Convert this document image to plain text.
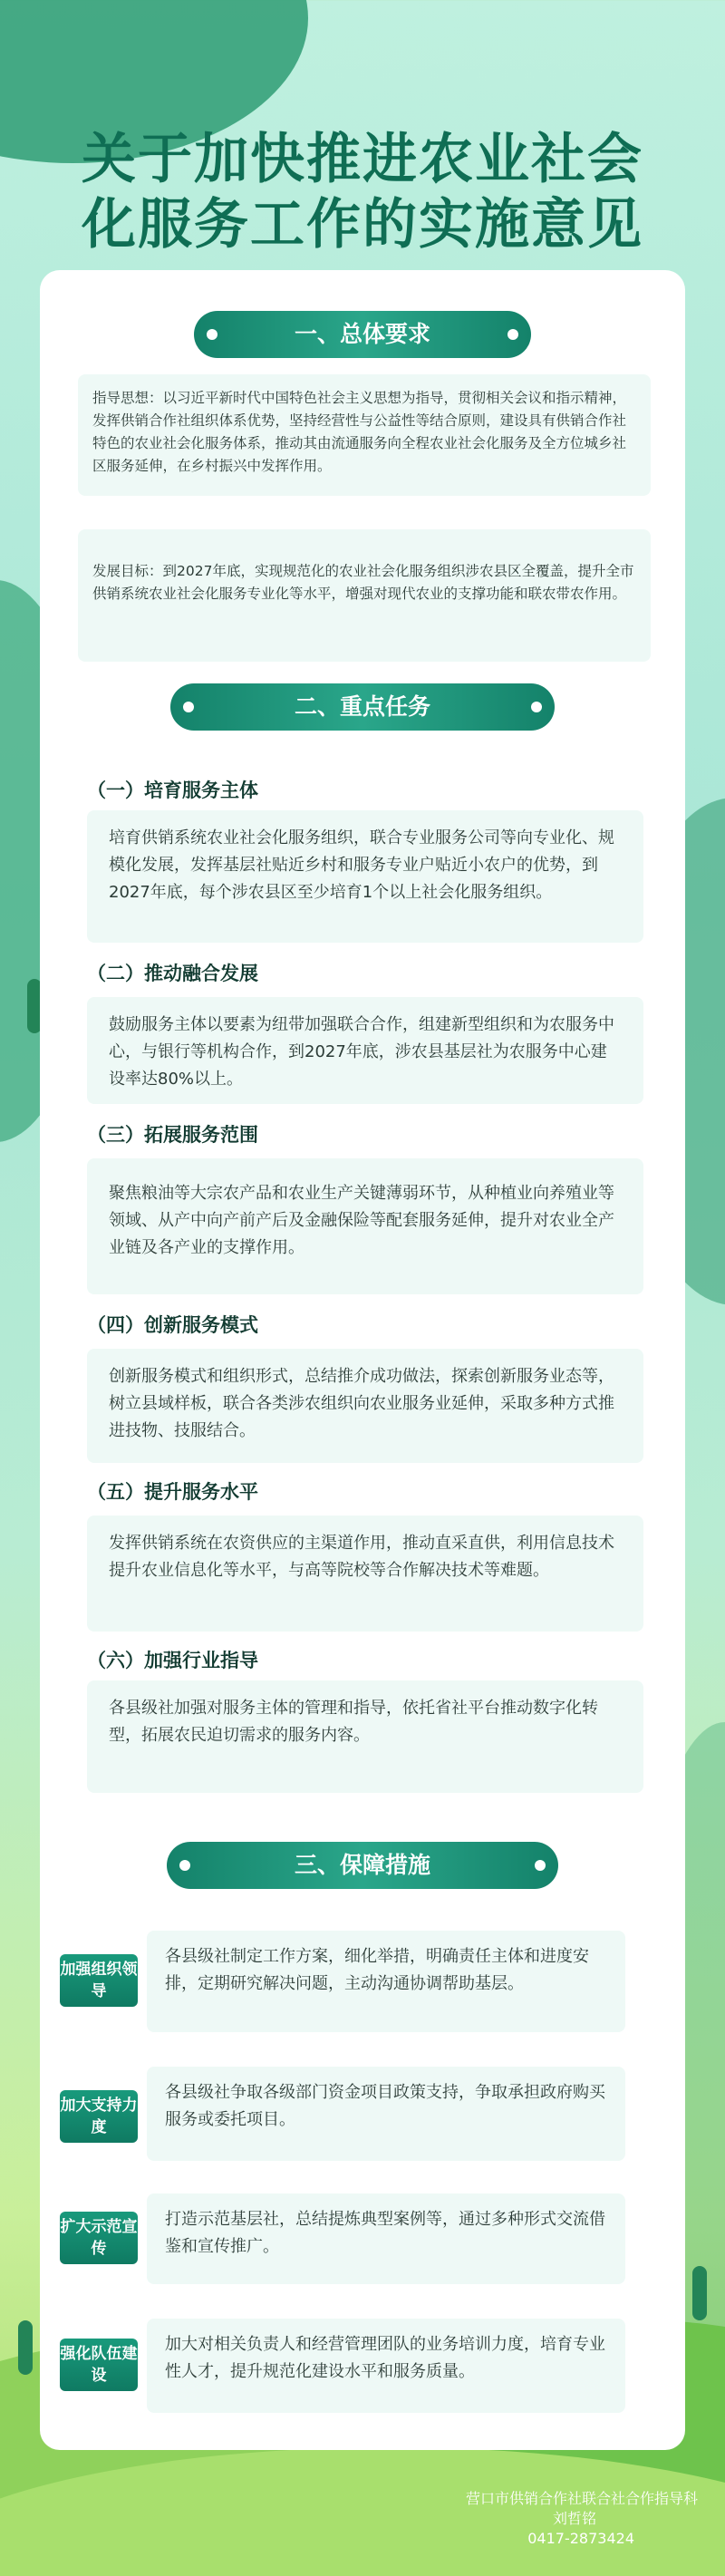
关于加快推进农业社会
化服务工作的实施意见
一、总体要求
指导思想：以习近平新时代中国特色社会主义思想为指导，贯彻相关会议和指示精神，发挥供销合作社组织体系优势，坚持经营性与公益性等结合原则，建设具有供销合作社特色的农业社会化服务体系，推动其由流通服务向全程农业社会化服务及全方位城乡社区服务延伸，在乡村振兴中发挥作用。
发展目标：到2027年底，实现规范化的农业社会化服务组织涉农县区全覆盖，提升全市供销系统农业社会化服务专业化等水平，增强对现代农业的支撑功能和联农带农作用。
二、重点任务
（一）培育服务主体
培育供销系统农业社会化服务组织，联合专业服务公司等向专业化、规模化发展，发挥基层社贴近乡村和服务专业户贴近小农户的优势，到2027年底，每个涉农县区至少培育1个以上社会化服务组织。
（二）推动融合发展
鼓励服务主体以要素为纽带加强联合合作，组建新型组织和为农服务中心，与银行等机构合作，到2027年底，涉农县基层社为农服务中心建设率达80%以上。
（三）拓展服务范围
聚焦粮油等大宗农产品和农业生产关键薄弱环节，从种植业向养殖业等领域、从产中向产前产后及金融保险等配套服务延伸，提升对农业全产业链及各产业的支撑作用。
（四）创新服务模式
创新服务模式和组织形式，总结推介成功做法，探索创新服务业态等，树立县域样板，联合各类涉农组织向农业服务业延伸，采取多种方式推进技物、技服结合。
（五）提升服务水平
发挥供销系统在农资供应的主渠道作用，推动直采直供，利用信息技术提升农业信息化等水平，与高等院校等合作解决技术等难题。
（六）加强行业指导
各县级社加强对服务主体的管理和指导，依托省社平台推动数字化转型，拓展农民迫切需求的服务内容。
三、保障措施
加强组织领导
各县级社制定工作方案，细化举措，明确责任主体和进度安排，定期研究解决问题，主动沟通协调帮助基层。
加大支持力度
各县级社争取各级部门资金项目政策支持，争取承担政府购买服务或委托项目。
扩大示范宣传
打造示范基层社，总结提炼典型案例等，通过多种形式交流借鉴和宣传推广。
强化队伍建设
加大对相关负责人和经营管理团队的业务培训力度，培育专业性人才，提升规范化建设水平和服务质量。
营口市供销合作社联合社合作指导科
刘哲铭
0417-2873424
